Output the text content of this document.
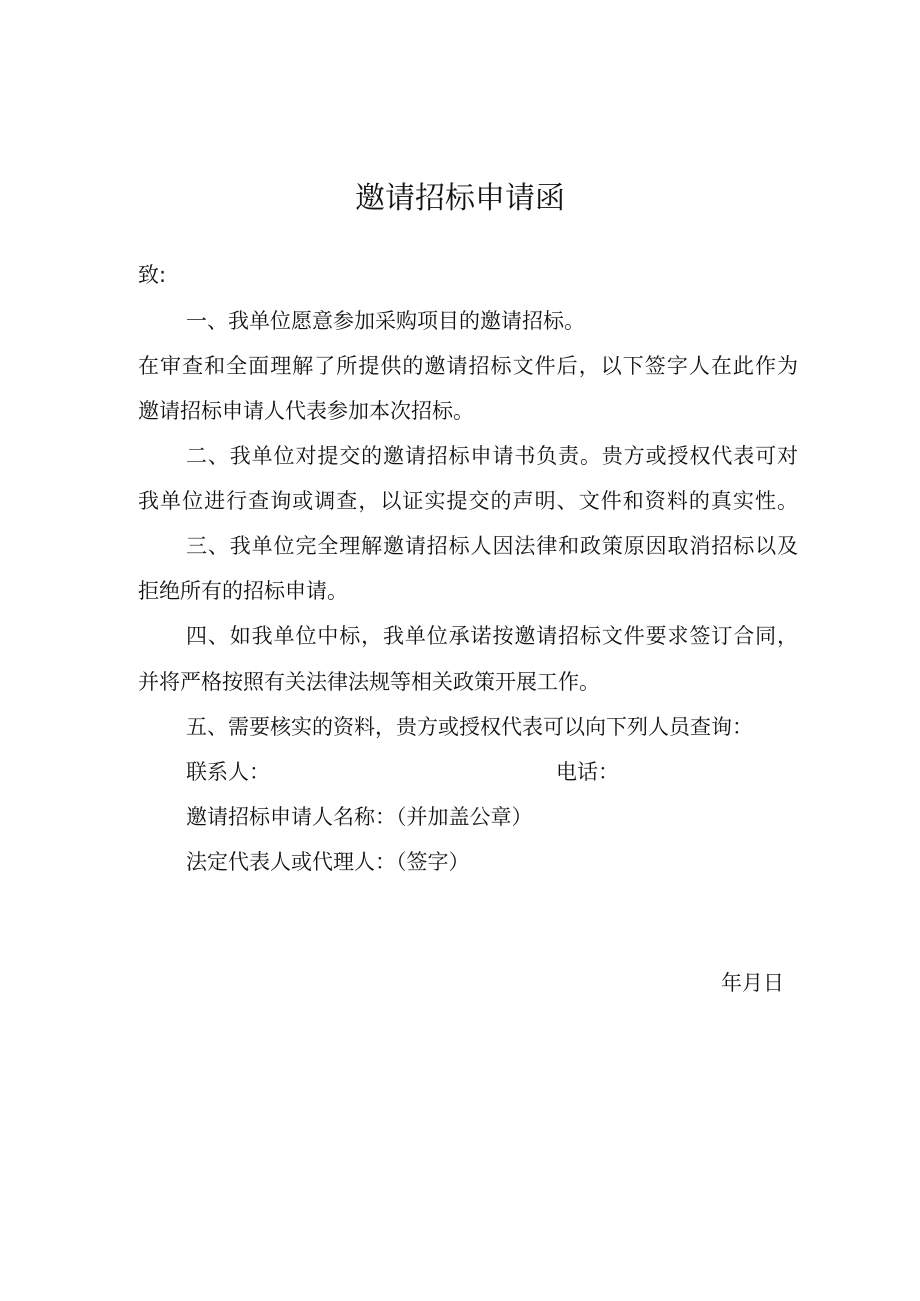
邀请招标申请函
致:
一、我单位愿意参加采购项目的邀请招标。
在审查和全面理解了所提供的邀请招标文件后，以下签字人在此作为
邀请招标申请人代表参加本次招标。
二、我单位对提交的邀请招标申请书负责。贵方或授权代表可对
我单位进行查询或调查，以证实提交的声明、文件和资料的真实性。
三、我单位完全理解邀请招标人因法律和政策原因取消招标以及
拒绝所有的招标申请。
四、如我单位中标，我单位承诺按邀请招标文件要求签订合同，
并将严格按照有关法律法规等相关政策开展工作。
五、需要核实的资料，贵方或授权代表可以向下列人员查询：
联系人：	电话：
邀请招标申请人名称：（并加盖公章）
法定代表人或代理人：（签字）
年月日
